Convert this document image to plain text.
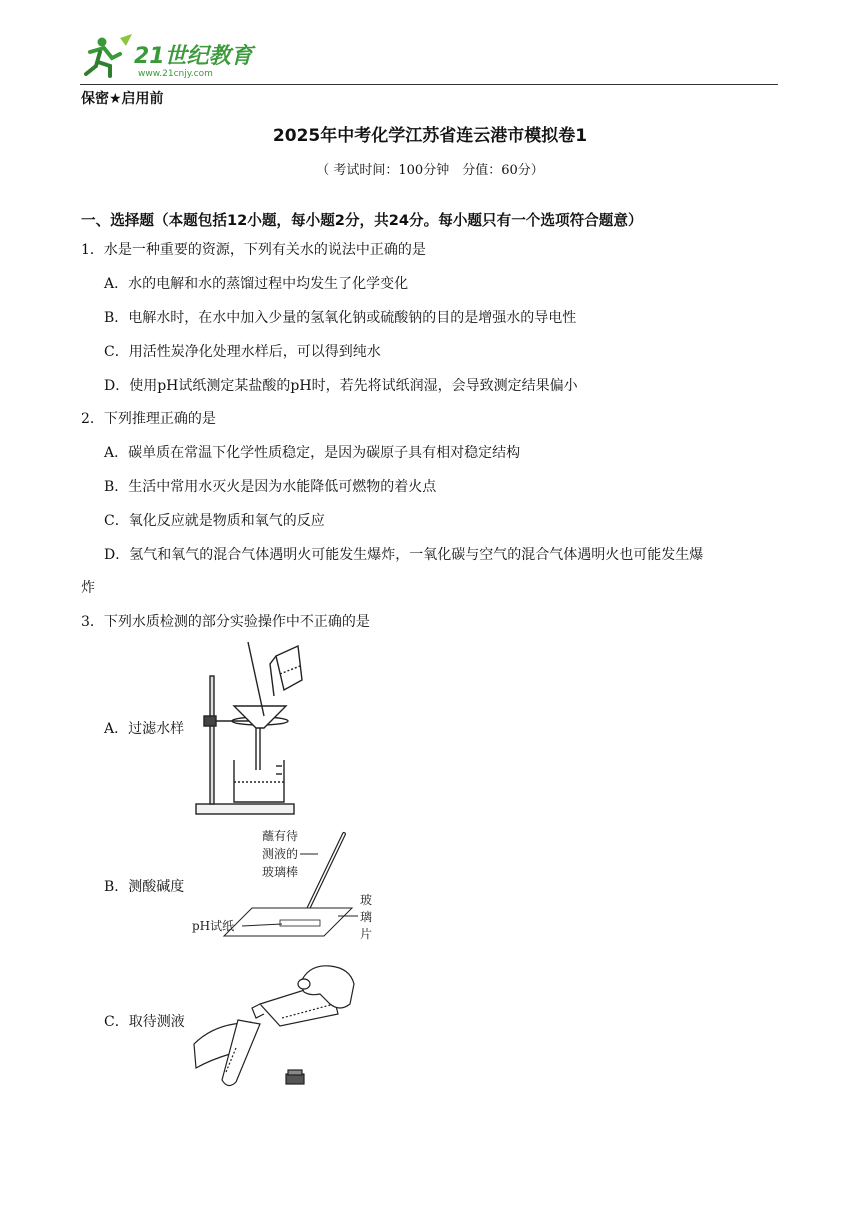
21世纪教育
www.21cnjy.com
保密★启用前
2025年中考化学江苏省连云港市模拟卷1
（ 考试时间：100分钟　分值：60分）
一、选择题（本题包括12小题，每小题2分，共24分。每小题只有一个选项符合题意）
1．水是一种重要的资源，下列有关水的说法中正确的是
A．水的电解和水的蒸馏过程中均发生了化学变化
B．电解水时，在水中加入少量的氢氧化钠或硫酸钠的目的是增强水的导电性
C．用活性炭净化处理水样后，可以得到纯水
D．使用pH试纸测定某盐酸的pH时，若先将试纸润湿，会导致测定结果偏小
2．下列推理正确的是
A．碳单质在常温下化学性质稳定，是因为碳原子具有相对稳定结构
B．生活中常用水灭火是因为水能降低可燃物的着火点
C．氧化反应就是物质和氧气的反应
D．氢气和氧气的混合气体遇明火可能发生爆炸，一氧化碳与空气的混合气体遇明火也可能发生爆
炸
3．下列水质检测的部分实验操作中不正确的是
A．过滤水样
B．测酸碱度
C．取待测液
蘸有待
测液的
玻璃棒
pH试纸
玻
璃
片
